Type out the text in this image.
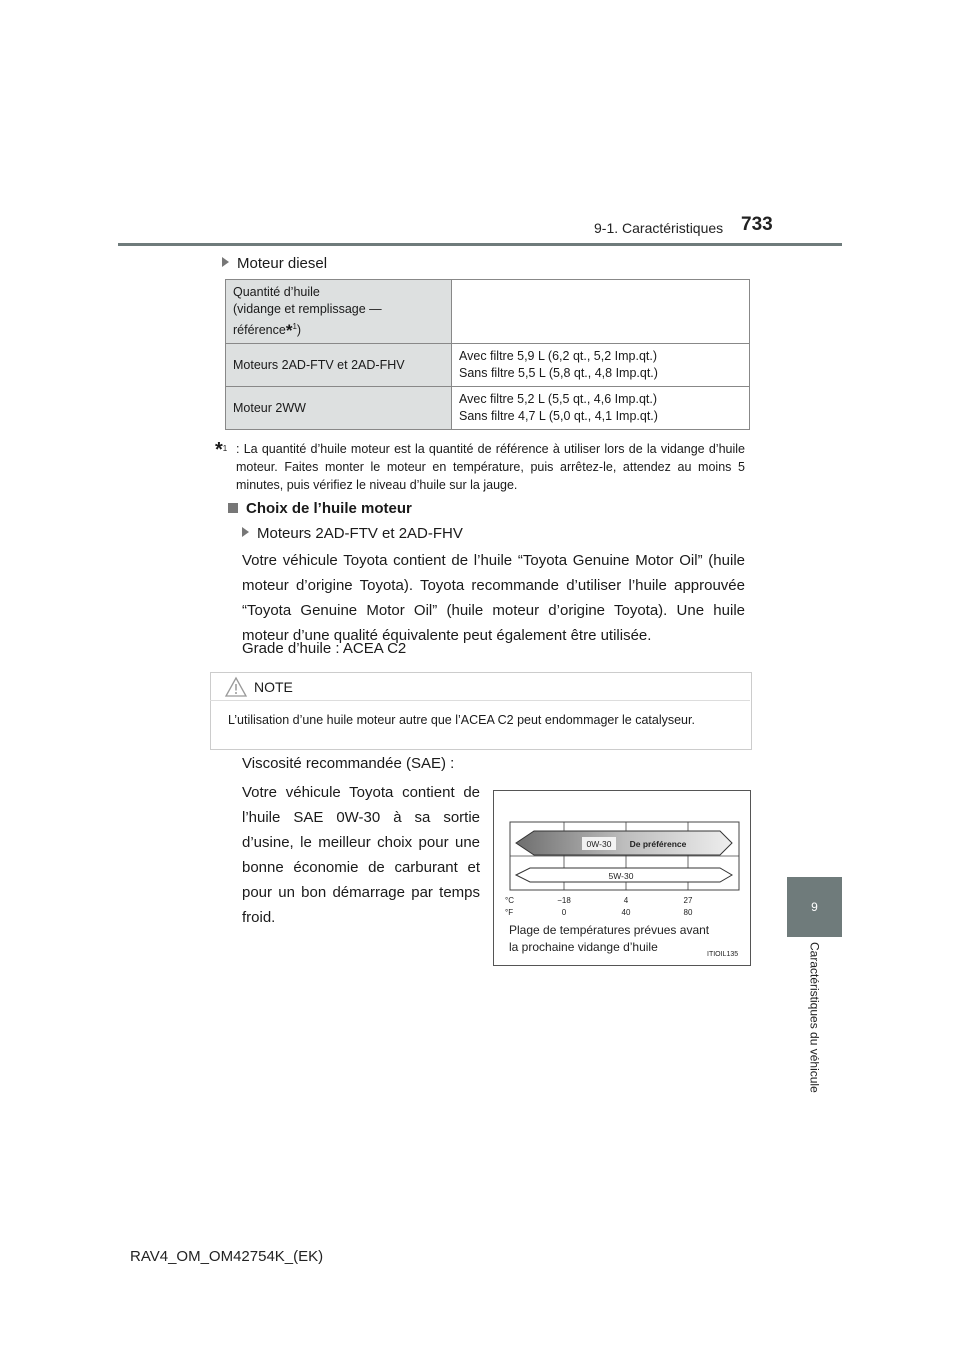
9-1. Caractéristiques 733
9
Caractéristiques du véhicule
Moteur diesel
Quantité d’huile
(vidange et remplissage —
référence*$^1$)	
Moteurs 2AD-FTV et 2AD-FHV	Avec filtre 5,9 L (6,2 qt., 5,2 Imp.qt.)
Sans filtre 5,5 L (5,8 qt., 4,8 Imp.qt.)
Moteur 2WW	Avec filtre 5,2 L (5,5 qt., 4,6 Imp.qt.)
Sans filtre 4,7 L (5,0 qt., 4,1 Imp.qt.)
*$^1$ : La quantité d’huile moteur est la quantité de référence à utiliser lors de la vidange d’huile moteur. Faites monter le moteur en température, puis arrêtez-le, attendez au moins 5 minutes, puis vérifiez le niveau d’huile sur la jauge.
Choix de l’huile moteur
Moteurs 2AD-FTV et 2AD-FHV
Votre véhicule Toyota contient de l’huile “Toyota Genuine Motor Oil” (huile moteur d’origine Toyota). Toyota recommande d’utiliser l’huile approuvée “Toyota Genuine Motor Oil” (huile moteur d’origine Toyota). Une huile moteur d’une qualité équivalente peut également être utilisée.
Grade d’huile : ACEA C2
NOTE
L’utilisation d’une huile moteur autre que l’ACEA C2 peut endommager le catalyseur.
Viscosité recommandée (SAE) :
Votre véhicule Toyota contient de l’huile SAE 0W-30 à sa sortie d’usine, le meilleur choix pour une bonne économie de carburant et pour un bon démarrage par temps froid.
0W-30 De préférence
5W-30
°C
°F
−18	4	27
0	40	80
Plage de températures prévues avant
la prochaine vidange d’huile
ITIOIL135
RAV4_OM_OM42754K_(EK)
